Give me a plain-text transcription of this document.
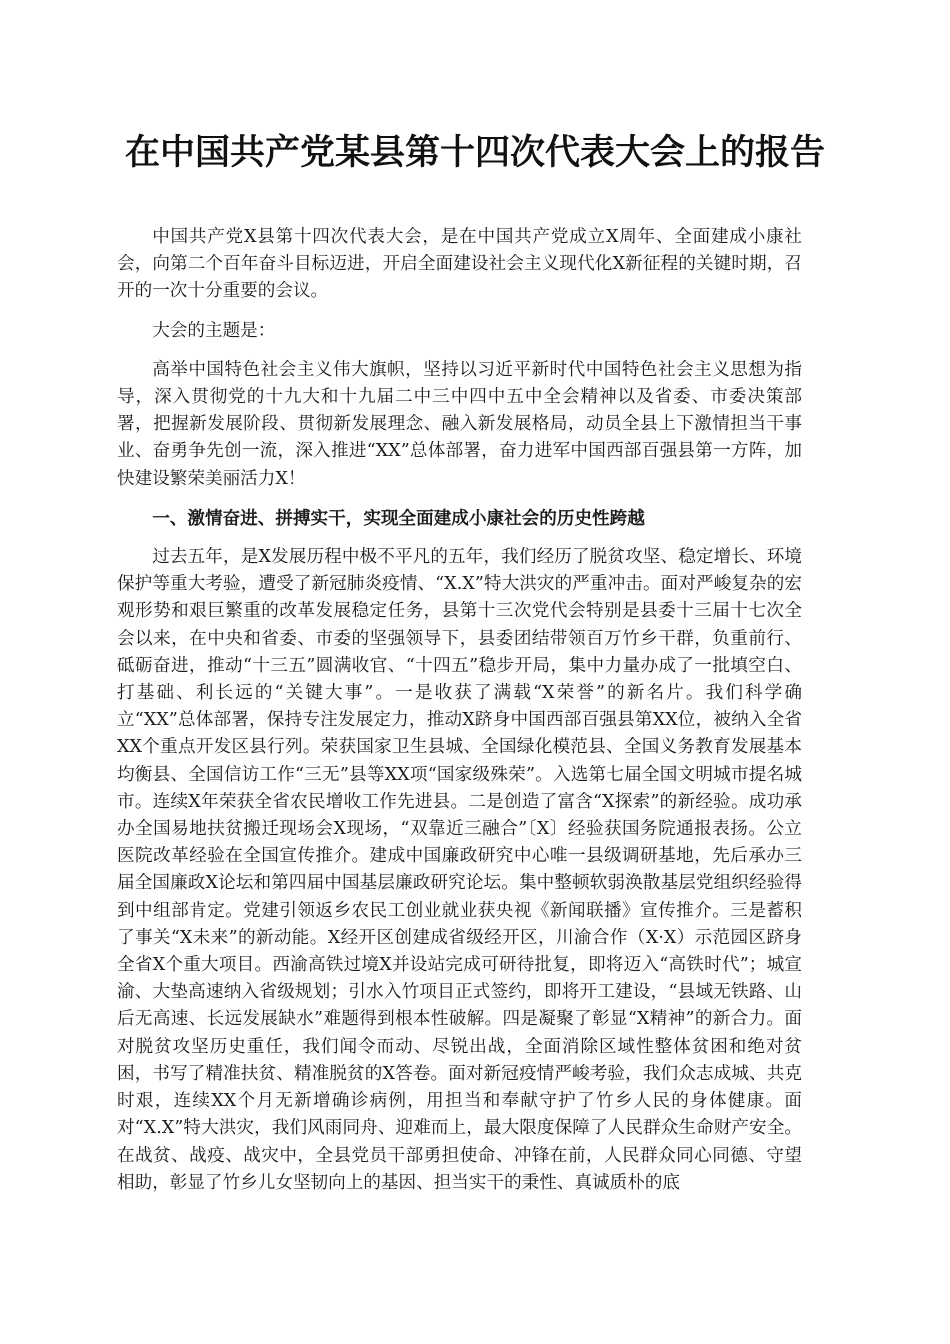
在中国共产党某县第十四次代表大会上的报告

中国共产党X县第十四次代表大会，是在中国共产党成立X周年、全面建成小康社会，向第二个百年奋斗目标迈进，开启全面建设社会主义现代化X新征程的关键时期，召开的一次十分重要的会议。

大会的主题是：

高举中国特色社会主义伟大旗帜，坚持以习近平新时代中国特色社会主义思想为指导，深入贯彻党的十九大和十九届二中三中四中五中全会精神以及省委、市委决策部署，把握新发展阶段、贯彻新发展理念、融入新发展格局，动员全县上下激情担当干事业、奋勇争先创一流，深入推进“XX”总体部署，奋力进军中国西部百强县第一方阵，加快建设繁荣美丽活力X！

一、激情奋进、拼搏实干，实现全面建成小康社会的历史性跨越

过去五年，是X发展历程中极不平凡的五年，我们经历了脱贫攻坚、稳定增长、环境保护等重大考验，遭受了新冠肺炎疫情、“X.X”特大洪灾的严重冲击。面对严峻复杂的宏观形势和艰巨繁重的改革发展稳定任务，县第十三次党代会特别是县委十三届十七次全会以来，在中央和省委、市委的坚强领导下，县委团结带领百万竹乡干群，负重前行、砥砺奋进，推动“十三五”圆满收官、“十四五”稳步开局，集中力量办成了一批填空白、打基础、利长远的“关键大事”。一是收获了满载“X荣誉”的新名片。我们科学确立“XX”总体部署，保持专注发展定力，推动X跻身中国西部百强县第XX位，被纳入全省XX个重点开发区县行列。荣获国家卫生县城、全国绿化模范县、全国义务教育发展基本均衡县、全国信访工作“三无”县等XX项“国家级殊荣”。入选第七届全国文明城市提名城市。连续X年荣获全省农民增收工作先进县。二是创造了富含“X探索”的新经验。成功承办全国易地扶贫搬迁现场会X现场，“双靠近三融合”〔X〕经验获国务院通报表扬。公立医院改革经验在全国宣传推介。建成中国廉政研究中心唯一县级调研基地，先后承办三届全国廉政X论坛和第四届中国基层廉政研究论坛。集中整顿软弱涣散基层党组织经验得到中组部肯定。党建引领返乡农民工创业就业获央视《新闻联播》宣传推介。三是蓄积了事关“X未来”的新动能。X经开区创建成省级经开区，川渝合作（X·X）示范园区跻身全省X个重大项目。西渝高铁过境X并设站完成可研待批复，即将迈入“高铁时代”；城宣渝、大垫高速纳入省级规划；引水入竹项目正式签约，即将开工建设，“县域无铁路、山后无高速、长远发展缺水”难题得到根本性破解。四是凝聚了彰显“X精神”的新合力。面对脱贫攻坚历史重任，我们闻令而动、尽锐出战，全面消除区域性整体贫困和绝对贫困，书写了精准扶贫、精准脱贫的X答卷。面对新冠疫情严峻考验，我们众志成城、共克时艰，连续XX个月无新增确诊病例，用担当和奉献守护了竹乡人民的身体健康。面对“X.X”特大洪灾，我们风雨同舟、迎难而上，最大限度保障了人民群众生命财产安全。在战贫、战疫、战灾中，全县党员干部勇担使命、冲锋在前，人民群众同心同德、守望相助，彰显了竹乡儿女坚韧向上的基因、担当实干的秉性、真诚质朴的底
